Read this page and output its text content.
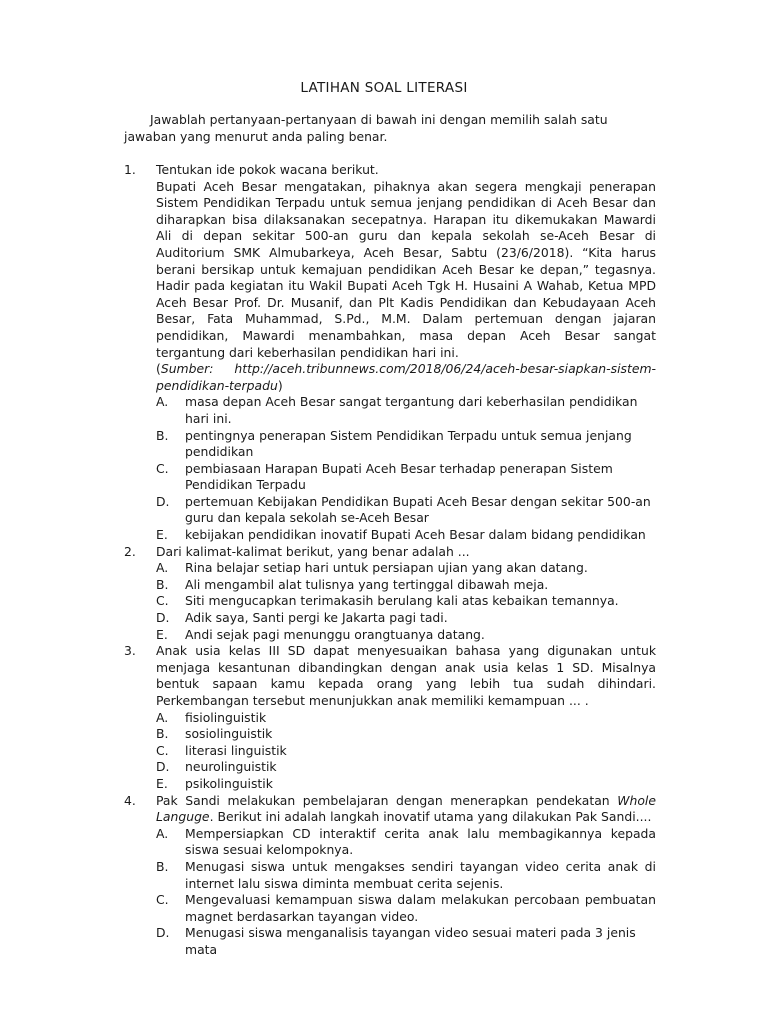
LATIHAN SOAL LITERASI
Jawablah pertanyaan-pertanyaan di bawah ini dengan memilih salah satu
jawaban yang menurut anda paling benar.
1. Tentukan ide pokok wacana berikut.
Bupati Aceh Besar mengatakan, pihaknya akan segera mengkaji penerapan Sistem Pendidikan Terpadu untuk semua jenjang pendidikan di Aceh Besar dan diharapkan bisa dilaksanakan secepatnya. Harapan itu dikemukakan Mawardi Ali di depan sekitar 500-an guru dan kepala sekolah se-Aceh Besar di Auditorium SMK Almubarkeya, Aceh Besar, Sabtu (23/6/2018). “Kita harus berani bersikap untuk kemajuan pendidikan Aceh Besar ke depan,” tegasnya. Hadir pada kegiatan itu Wakil Bupati Aceh Tgk H. Husaini A Wahab, Ketua MPD Aceh Besar Prof. Dr. Musanif, dan Plt Kadis Pendidikan dan Kebudayaan Aceh Besar, Fata Muhammad, S.Pd., M.M. Dalam pertemuan dengan jajaran pendidikan, Mawardi menambahkan, masa depan Aceh Besar sangat tergantung dari keberhasilan pendidikan hari ini.
(Sumber: http://aceh.tribunnews.com/2018/06/24/aceh-besar-siapkan-sistem-pendidikan-terpadu)
A. masa depan Aceh Besar sangat tergantung dari keberhasilan pendidikan hari ini.
B. pentingnya penerapan Sistem Pendidikan Terpadu untuk semua jenjang pendidikan
C. pembiasaan Harapan Bupati Aceh Besar terhadap penerapan Sistem Pendidikan Terpadu
D. pertemuan Kebijakan Pendidikan Bupati Aceh Besar dengan sekitar 500-an guru dan kepala sekolah se-Aceh Besar
E. kebijakan pendidikan inovatif Bupati Aceh Besar dalam bidang pendidikan
2. Dari kalimat-kalimat berikut, yang benar adalah ...
A. Rina belajar setiap hari untuk persiapan ujian yang akan datang.
B. Ali mengambil alat tulisnya yang tertinggal dibawah meja.
C. Siti mengucapkan terimakasih berulang kali atas kebaikan temannya.
D. Adik saya, Santi pergi ke Jakarta pagi tadi.
E. Andi sejak pagi menunggu orangtuanya datang.
3. Anak usia kelas III SD dapat menyesuaikan bahasa yang digunakan untuk menjaga kesantunan dibandingkan dengan anak usia kelas 1 SD. Misalnya bentuk sapaan kamu kepada orang yang lebih tua sudah dihindari. Perkembangan tersebut menunjukkan anak memiliki kemampuan ... .
A. fisiolinguistik
B. sosiolinguistik
C. literasi linguistik
D. neurolinguistik
E. psikolinguistik
4. Pak Sandi melakukan pembelajaran dengan menerapkan pendekatan Whole Languge. Berikut ini adalah langkah inovatif utama yang dilakukan Pak Sandi....
A. Mempersiapkan CD interaktif cerita anak lalu membagikannya kepada siswa sesuai kelompoknya.
B. Menugasi siswa untuk mengakses sendiri tayangan video cerita anak di internet lalu siswa diminta membuat cerita sejenis.
C. Mengevaluasi kemampuan siswa dalam melakukan percobaan pembuatan magnet berdasarkan tayangan video.
D. Menugasi siswa menganalisis tayangan video sesuai materi pada 3 jenis mata
